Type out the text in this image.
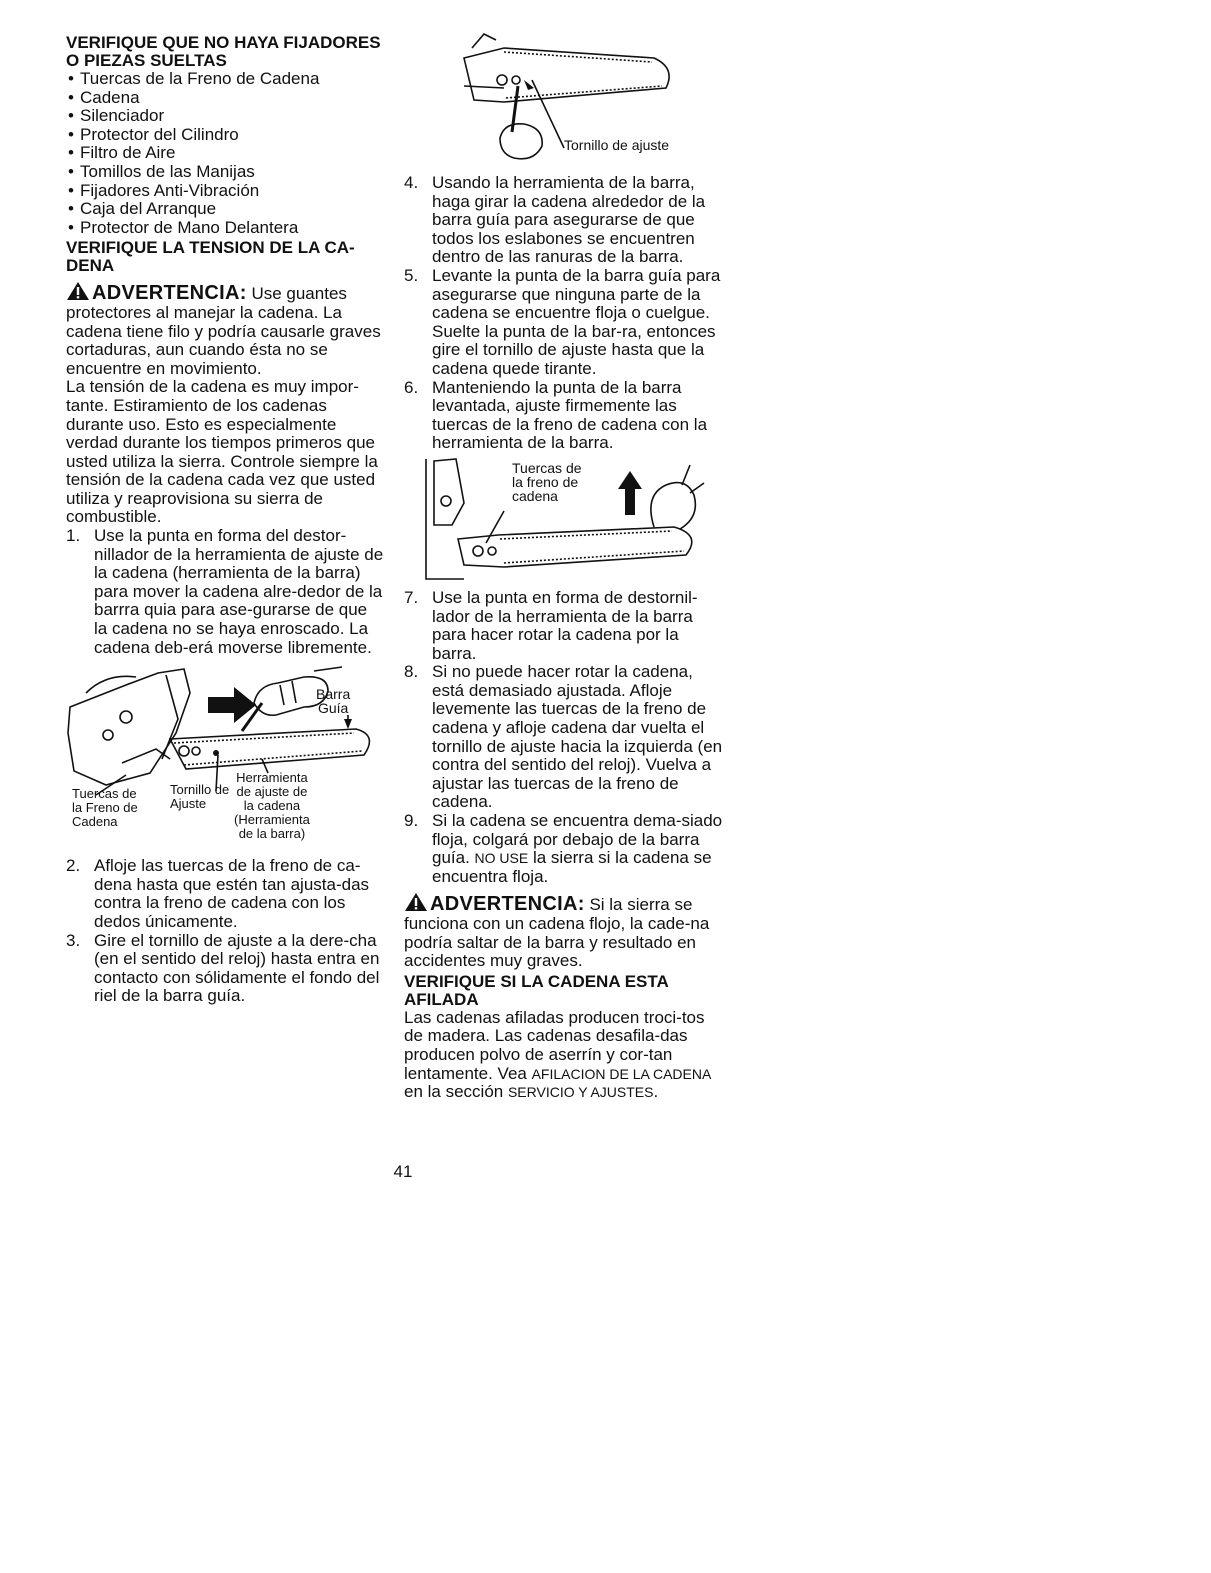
VERIFIQUE QUE NO HAYA FIJADORES O PIEZAS SUELTAS
• Tuercas de la Freno de Cadena
• Cadena
• Silenciador
• Protector del Cilindro
• Filtro de Aire
• Tomillos de las Manijas
• Fijadores Anti-Vibración
• Caja del Arranque
• Protector de Mano Delantera
VERIFIQUE LA TENSION DE LA CA-DENA

ADVERTENCIA: Use guantes protectores al manejar la cadena. La cadena tiene filo y podría causarle graves cortaduras, aun cuando ésta no se encuentre en movimiento.

La tensión de la cadena es muy impor-tante. Estiramiento de los cadenas durante uso. Esto es especialmente verdad durante los tiempos primeros que usted utiliza la sierra. Controle siempre la tensión de la cadena cada vez que usted utiliza y reaprovisiona su sierra de combustible.

1. Use la punta en forma del destor-nillador de la herramienta de ajuste de la cadena (herramienta de la barra) para mover la cadena alre-dedor de la barrra quia para ase-gurarse de que la cadena no se haya enroscado. La cadena deb-erá moverse libremente.
Barra
Guía
Herramienta
de ajuste de
la cadena
(Herramienta
de la barra)
Tuercas de
la Freno de
Cadena
Tornillo de
Ajuste
2. Afloje las tuercas de la freno de ca-dena hasta que estén tan ajusta-das contra la freno de cadena con los dedos únicamente.
3. Gire el tornillo de ajuste a la dere-cha (en el sentido del reloj) hasta entra en contacto con sólidamente el fondo del riel de la barra guía.
Tornillo de ajuste
4. Usando la herramienta de la barra, haga girar la cadena alrededor de la barra guía para asegurarse de que todos los eslabones se encuentren dentro de las ranuras de la barra.
5. Levante la punta de la barra guía para asegurarse que ninguna parte de la cadena se encuentre floja o cuelgue. Suelte la punta de la bar-ra, entonces gire el tornillo de ajuste hasta que la cadena quede tirante.
6. Manteniendo la punta de la barra levantada, ajuste firmemente las tuercas de la freno de cadena con la herramienta de la barra.
Tuercas de
la freno de
cadena
7. Use la punta en forma de destornil-lador de la herramienta de la barra para hacer rotar la cadena por la barra.
8. Si no puede hacer rotar la cadena, está demasiado ajustada. Afloje levemente las tuercas de la freno de cadena y afloje cadena dar vuelta el tornillo de ajuste hacia la izquierda (en contra del sentido del reloj). Vuelva a ajustar las tuercas de la freno de cadena.
9. Si la cadena se encuentra dema-siado floja, colgará por debajo de la barra guía. NO USE la sierra si la cadena se encuentra floja.

ADVERTENCIA: Si la sierra se funciona con un cadena flojo, la cade-na podría saltar de la barra y resultado en accidentes muy graves.

VERIFIQUE SI LA CADENA ESTA AFILADA

Las cadenas afiladas producen troci-tos de madera. Las cadenas desafila-das producen polvo de aserrín y cor-tan lentamente. Vea AFILACION DE LA CADENA en la sección SERVICIO Y AJUSTES.

41
